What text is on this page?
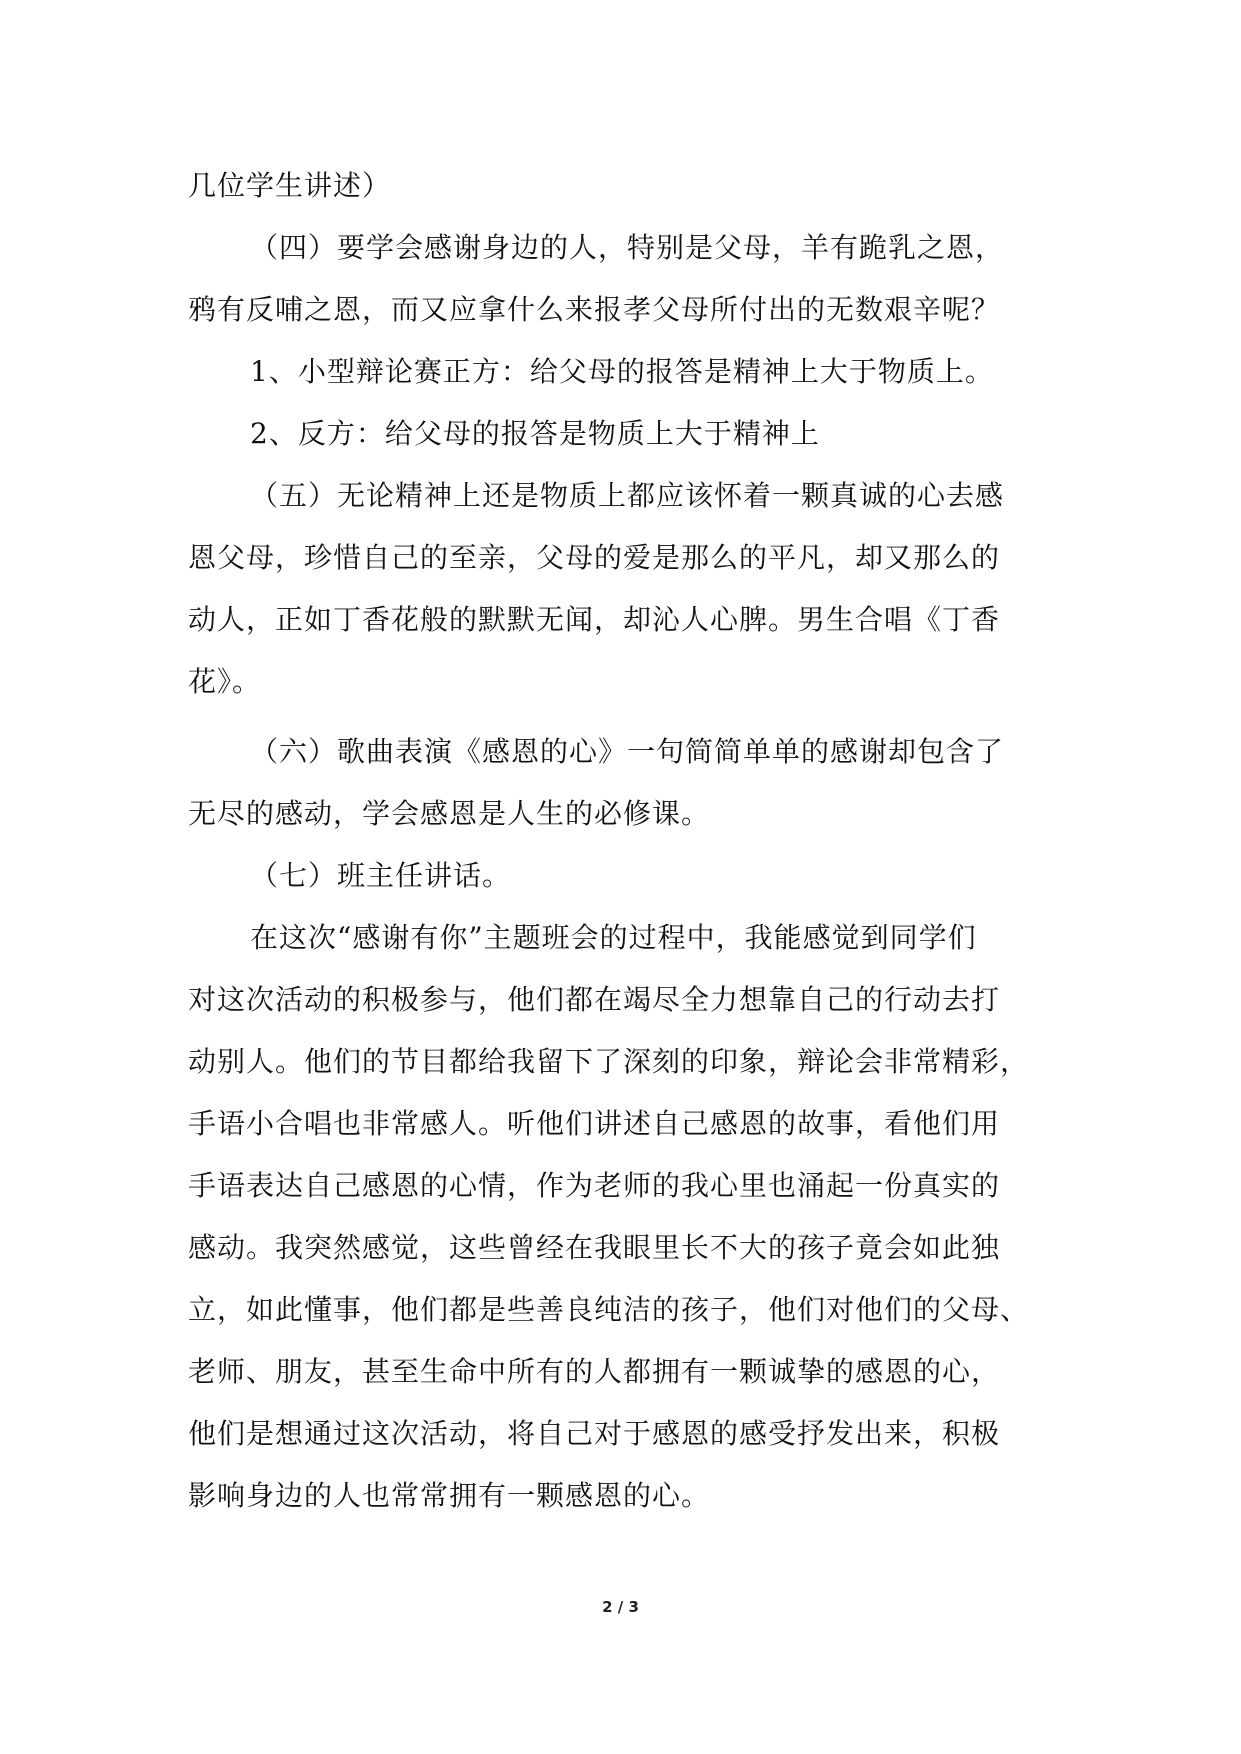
几位学生讲述）
（四）要学会感谢身边的人，特别是父母，羊有跪乳之恩，
鸦有反哺之恩，而又应拿什么来报孝父母所付出的无数艰辛呢？
1、小型辩论赛正方：给父母的报答是精神上大于物质上。
2、反方：给父母的报答是物质上大于精神上
（五）无论精神上还是物质上都应该怀着一颗真诚的心去感
恩父母，珍惜自己的至亲，父母的爱是那么的平凡，却又那么的
动人，正如丁香花般的默默无闻，却沁人心脾。男生合唱《丁香
花》。
（六）歌曲表演《感恩的心》一句简简单单的感谢却包含了
无尽的感动，学会感恩是人生的必修课。
（七）班主任讲话。
在这次“感谢有你”主题班会的过程中，我能感觉到同学们
对这次活动的积极参与，他们都在竭尽全力想靠自己的行动去打
动别人。他们的节目都给我留下了深刻的印象，辩论会非常精彩，
手语小合唱也非常感人。听他们讲述自己感恩的故事，看他们用
手语表达自己感恩的心情，作为老师的我心里也涌起一份真实的
感动。我突然感觉，这些曾经在我眼里长不大的孩子竟会如此独
立，如此懂事，他们都是些善良纯洁的孩子，他们对他们的父母、
老师、朋友，甚至生命中所有的人都拥有一颗诚挚的感恩的心，
他们是想通过这次活动，将自己对于感恩的感受抒发出来，积极
影响身边的人也常常拥有一颗感恩的心。
2 / 3
